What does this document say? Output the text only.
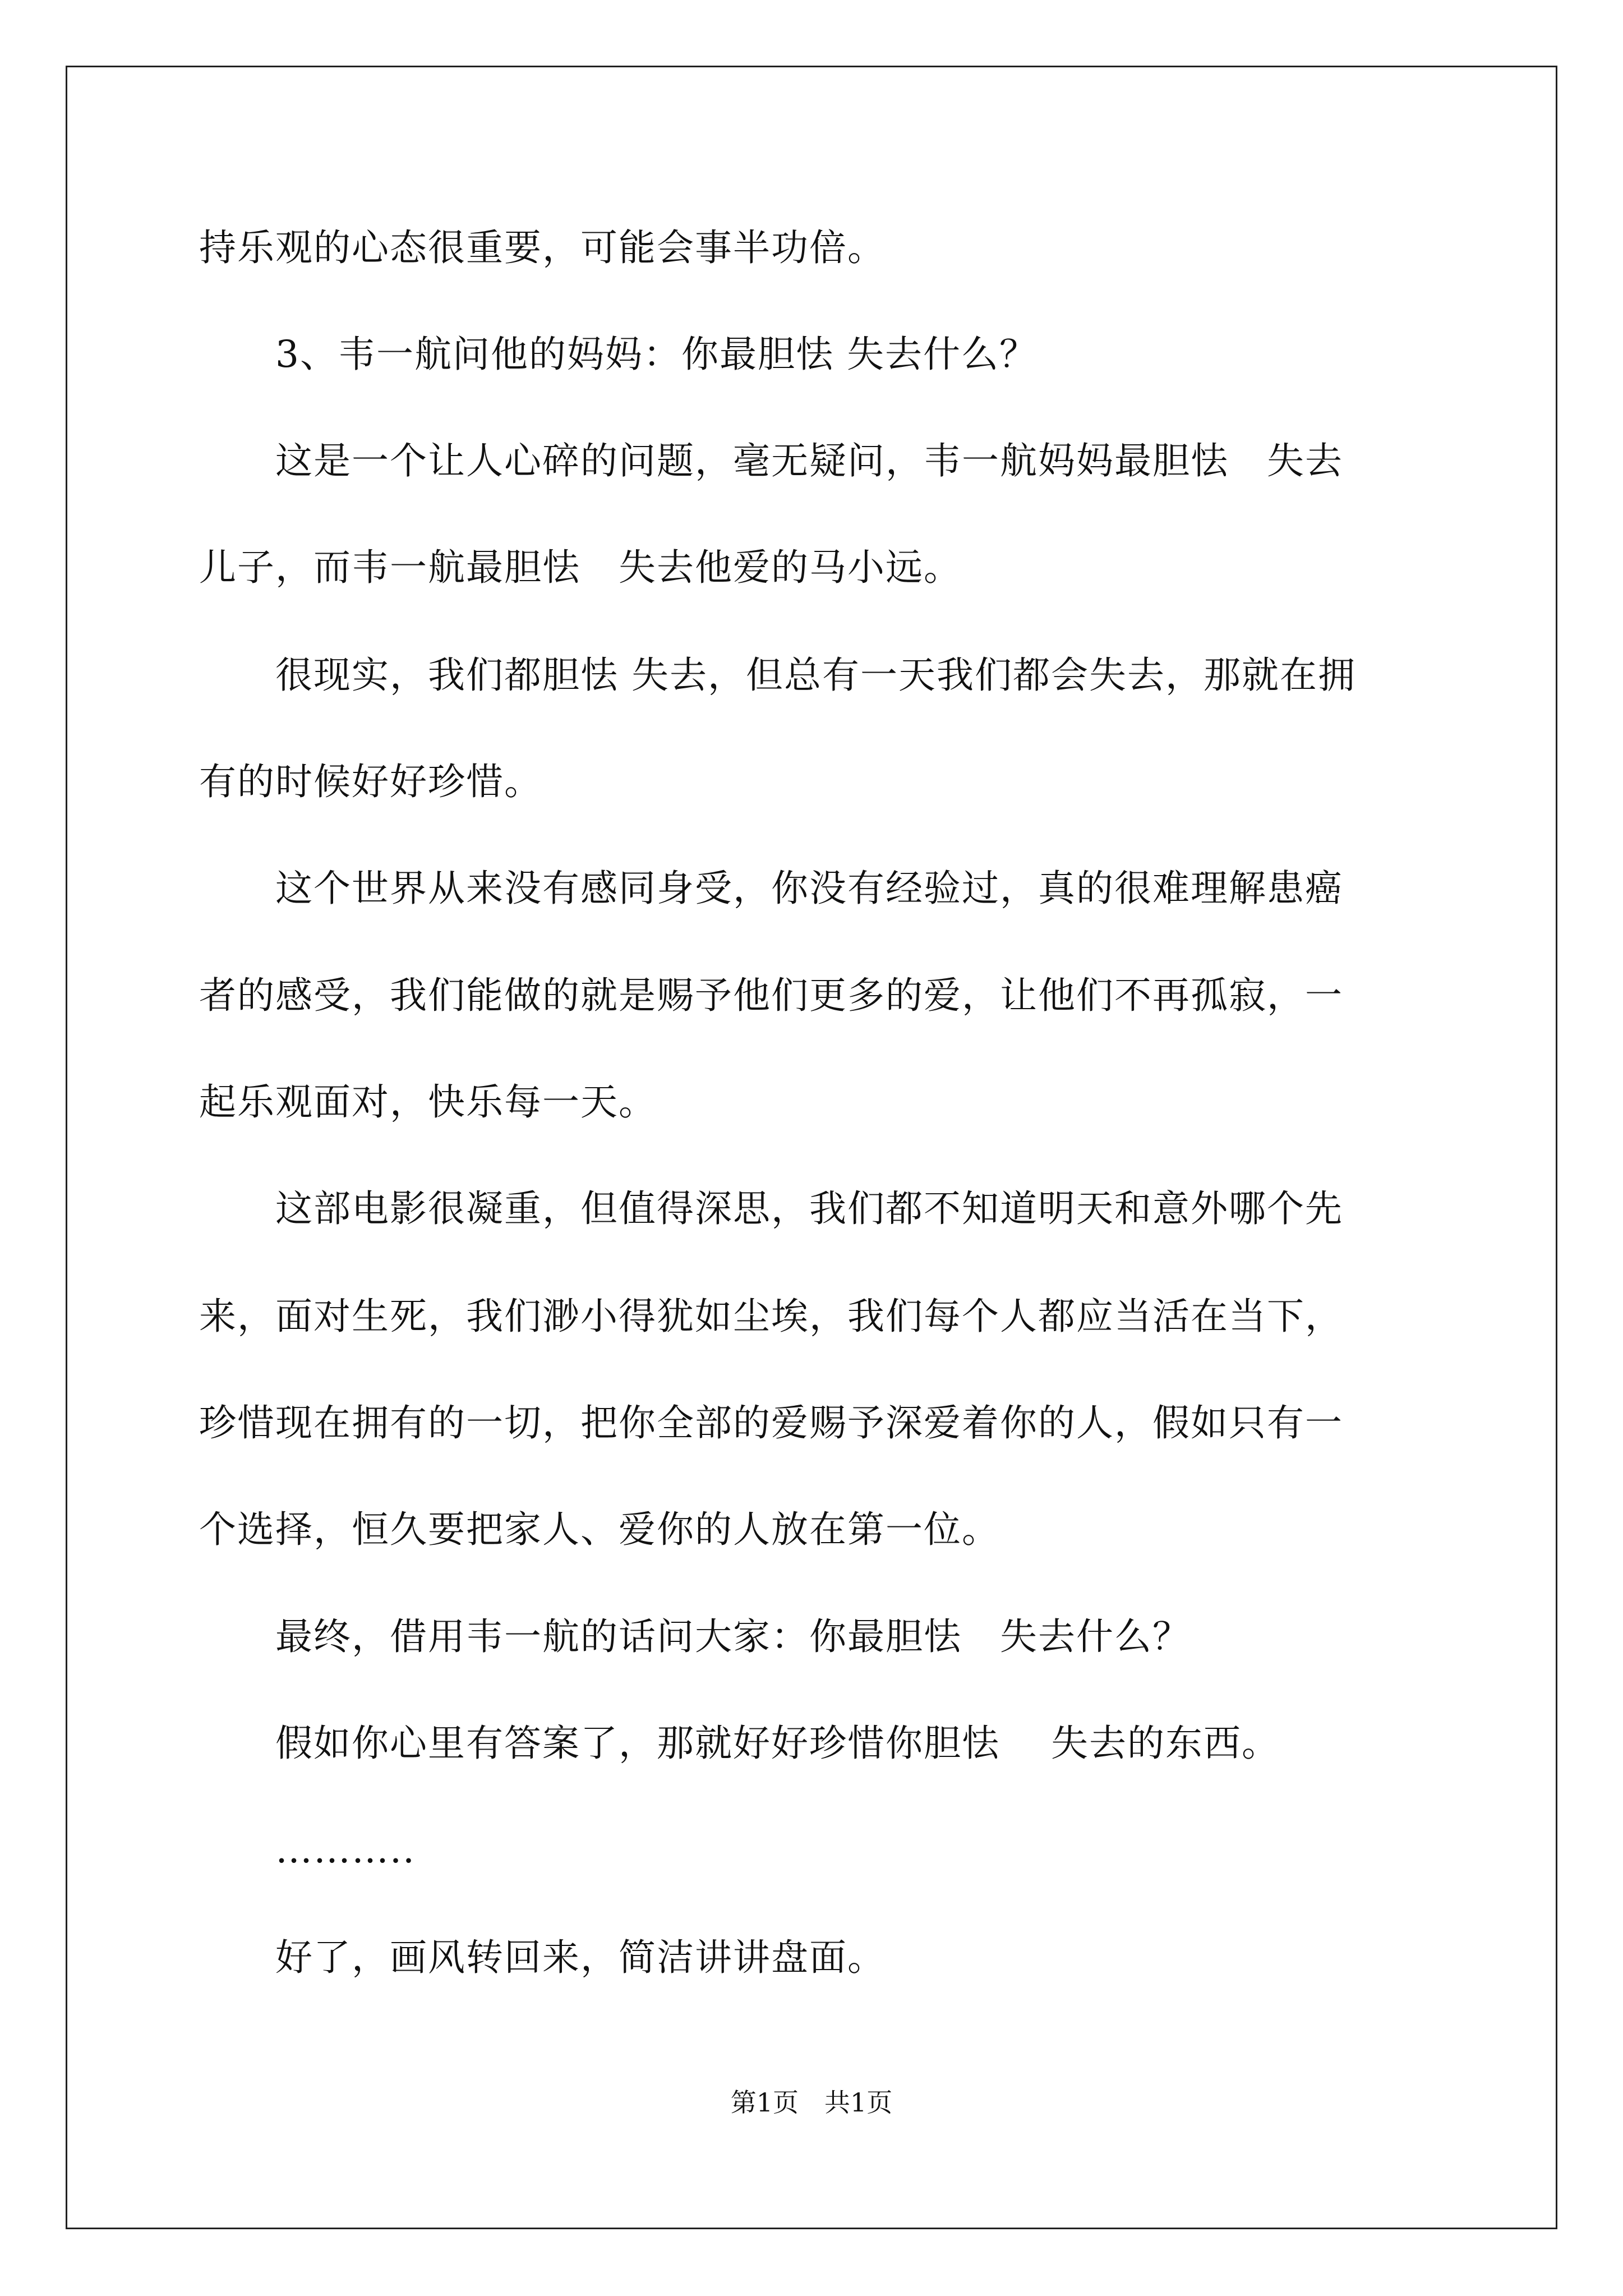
持乐观的心态很重要，可能会事半功倍。
　　3、韦一航问他的妈妈：你最胆怯 失去什么？
　　这是一个让人心碎的问题，毫无疑问，韦一航妈妈最胆怯　失去
儿子，而韦一航最胆怯　失去他爱的马小远。
　　很现实，我们都胆怯 失去，但总有一天我们都会失去，那就在拥
有的时候好好珍惜。
　　这个世界从来没有感同身受，你没有经验过，真的很难理解患癌
者的感受，我们能做的就是赐予他们更多的爱，让他们不再孤寂，一
起乐观面对，快乐每一天。
　　这部电影很凝重，但值得深思，我们都不知道明天和意外哪个先
来，面对生死，我们渺小得犹如尘埃，我们每个人都应当活在当下，
珍惜现在拥有的一切，把你全部的爱赐予深爱着你的人，假如只有一
个选择，恒久要把家人、爱你的人放在第一位。
　　最终，借用韦一航的话问大家：你最胆怯　失去什么？
　　假如你心里有答案了，那就好好珍惜你胆怯　 失去的东西。
　　………..
　　好了，画风转回来，简洁讲讲盘面。
第1页　共1页
